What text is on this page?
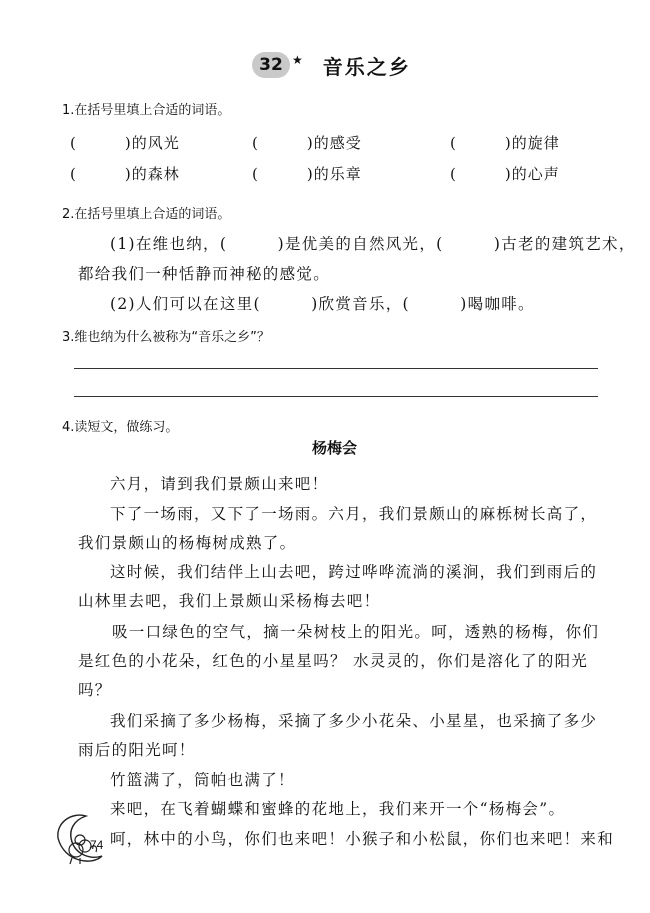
32 ★ 音乐之乡
1.在括号里填上合适的词语。
(　　　)的风光	(　　　)的感受	(　　　)的旋律
(　　　)的森林	(　　　)的乐章	(　　　)的心声
2.在括号里填上合适的词语。
(1)在维也纳，(　　　)是优美的自然风光，(　　　)古老的建筑艺术，
都给我们一种恬静而神秘的感觉。
(2)人们可以在这里(　　　)欣赏音乐，(　　　)喝咖啡。
3.维也纳为什么被称为“音乐之乡”？
4.读短文，做练习。
杨梅会
六月，请到我们景颇山来吧！
下了一场雨，又下了一场雨。六月，我们景颇山的麻栎树长高了，
我们景颇山的杨梅树成熟了。
这时候，我们结伴上山去吧，跨过哗哗流淌的溪涧，我们到雨后的
山林里去吧，我们上景颇山采杨梅去吧！
吸一口绿色的空气，摘一朵树枝上的阳光。呵，透熟的杨梅，你们
是红色的小花朵，红色的小星星吗？ 水灵灵的，你们是溶化了的阳光
吗？
我们采摘了多少杨梅，采摘了多少小花朵、小星星，也采摘了多少
雨后的阳光呵！
竹篮满了，筒帕也满了！
来吧，在飞着蝴蝶和蜜蜂的花地上，我们来开一个“杨梅会”。
呵，林中的小鸟，你们也来吧！小猴子和小松鼠，你们也来吧！来和
74
